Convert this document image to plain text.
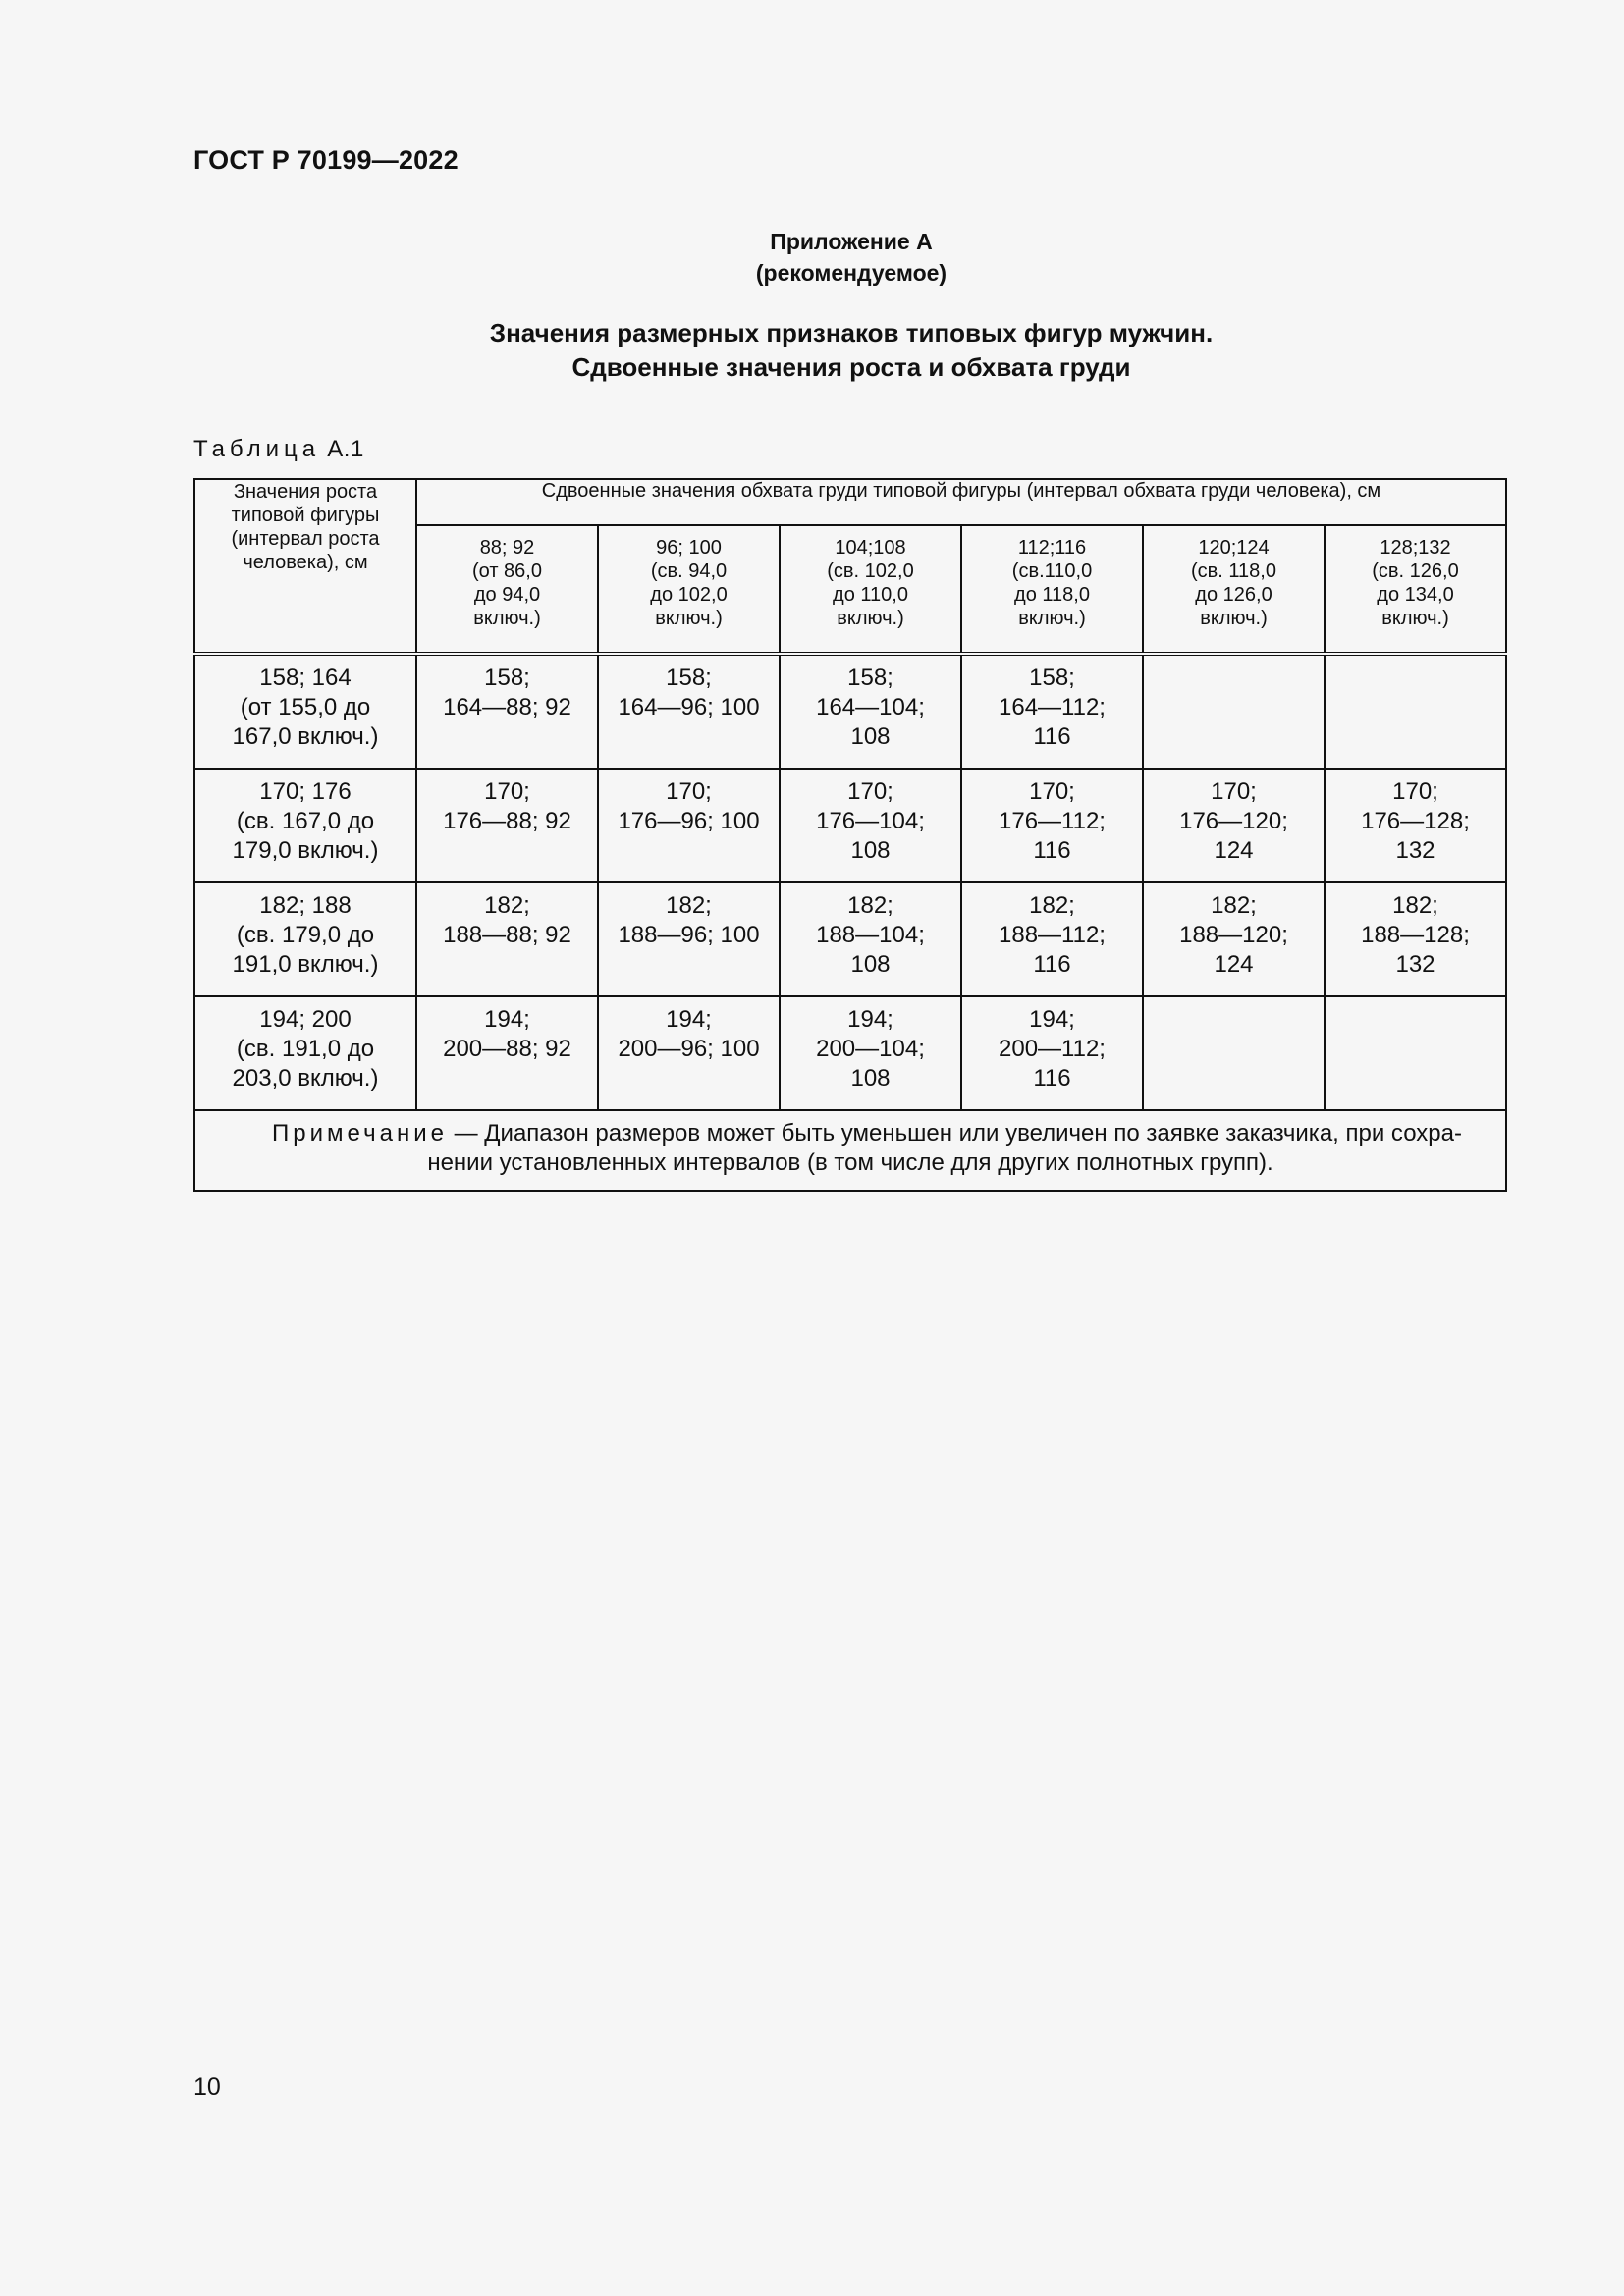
ГОСТ Р 70199—2022
Приложение А
(рекомендуемое)
Значения размерных признаков типовых фигур мужчин.
Сдвоенные значения роста и обхвата груди
Таблица А.1
Значения роста
типовой фигуры
(интервал роста
человека), см	Сдвоенные значения обхвата груди типовой фигуры (интервал обхвата груди человека), см					

	88; 92
(от 86,0
до 94,0
включ.)	96; 100
(св. 94,0
до 102,0
включ.)	104;108
(св. 102,0
до 110,0
включ.)	112;116
(св.110,0
до 118,0
включ.)	120;124
(св. 118,0
до 126,0
включ.)	128;132
(св. 126,0
до 134,0
включ.)

158; 164
(от 155,0 до
167,0 включ.)	158;
164—88; 92	158;
164—96; 100	158;
164—104;
108	158;
164—112;
116		

170; 176
(св. 167,0 до
179,0 включ.)	170;
176—88; 92	170;
176—96; 100	170;
176—104;
108	170;
176—112;
116	170;
176—120;
124	170;
176—128;
132

182; 188
(св. 179,0 до
191,0 включ.)	182;
188—88; 92	182;
188—96; 100	182;
188—104;
108	182;
188—112;
116	182;
188—120;
124	182;
188—128;
132

194; 200
(св. 191,0 до
203,0 включ.)	194;
200—88; 92	194;
200—96; 100	194;
200—104;
108	194;
200—112;
116		

Примечание — Диапазон размеров может быть уменьшен или увеличен по заявке заказчика, при сохра-
нении установленных интервалов (в том числе для других полнотных групп).						
10
